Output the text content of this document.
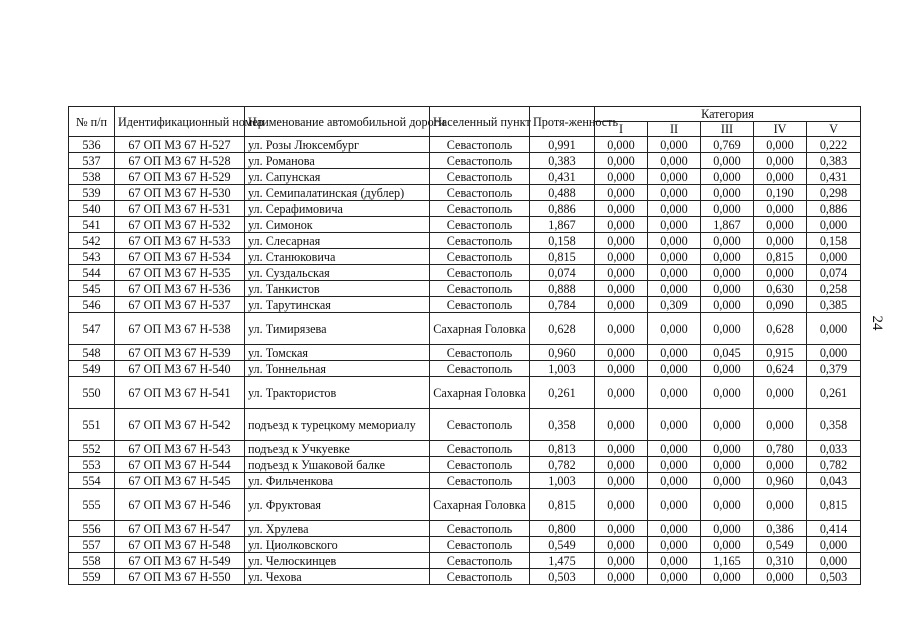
24
№ п/п	Идентификационный номер	Наименование автомобильной дороги	Населенный пункт	Протя-женность	Категория				
					I	II	III	IV	V
536	67 ОП МЗ 67 Н-527	ул. Розы Люксембург	Севастополь	0,991	0,000	0,000	0,769	0,000	0,222
537	67 ОП МЗ 67 Н-528	ул. Романова	Севастополь	0,383	0,000	0,000	0,000	0,000	0,383
538	67 ОП МЗ 67 Н-529	ул. Сапунская	Севастополь	0,431	0,000	0,000	0,000	0,000	0,431
539	67 ОП МЗ 67 Н-530	ул. Семипалатинская (дублер)	Севастополь	0,488	0,000	0,000	0,000	0,190	0,298
540	67 ОП МЗ 67 Н-531	ул. Серафимовича	Севастополь	0,886	0,000	0,000	0,000	0,000	0,886
541	67 ОП МЗ 67 Н-532	ул. Симонок	Севастополь	1,867	0,000	0,000	1,867	0,000	0,000
542	67 ОП МЗ 67 Н-533	ул. Слесарная	Севастополь	0,158	0,000	0,000	0,000	0,000	0,158
543	67 ОП МЗ 67 Н-534	ул. Станюковича	Севастополь	0,815	0,000	0,000	0,000	0,815	0,000
544	67 ОП МЗ 67 Н-535	ул. Суздальская	Севастополь	0,074	0,000	0,000	0,000	0,000	0,074
545	67 ОП МЗ 67 Н-536	ул. Танкистов	Севастополь	0,888	0,000	0,000	0,000	0,630	0,258
546	67 ОП МЗ 67 Н-537	ул. Тарутинская	Севастополь	0,784	0,000	0,309	0,000	0,090	0,385
547	67 ОП МЗ 67 Н-538	ул. Тимирязева	Сахарная Головка	0,628	0,000	0,000	0,000	0,628	0,000
548	67 ОП МЗ 67 Н-539	ул. Томская	Севастополь	0,960	0,000	0,000	0,045	0,915	0,000
549	67 ОП МЗ 67 Н-540	ул. Тоннельная	Севастополь	1,003	0,000	0,000	0,000	0,624	0,379
550	67 ОП МЗ 67 Н-541	ул. Трактористов	Сахарная Головка	0,261	0,000	0,000	0,000	0,000	0,261
551	67 ОП МЗ 67 Н-542	подъезд к турецкому мемориалу	Севастополь	0,358	0,000	0,000	0,000	0,000	0,358
552	67 ОП МЗ 67 Н-543	подъезд к Учкуевке	Севастополь	0,813	0,000	0,000	0,000	0,780	0,033
553	67 ОП МЗ 67 Н-544	подъезд к Ушаковой балке	Севастополь	0,782	0,000	0,000	0,000	0,000	0,782
554	67 ОП МЗ 67 Н-545	ул. Фильченкова	Севастополь	1,003	0,000	0,000	0,000	0,960	0,043
555	67 ОП МЗ 67 Н-546	ул. Фруктовая	Сахарная Головка	0,815	0,000	0,000	0,000	0,000	0,815
556	67 ОП МЗ 67 Н-547	ул. Хрулева	Севастополь	0,800	0,000	0,000	0,000	0,386	0,414
557	67 ОП МЗ 67 Н-548	ул. Циолковского	Севастополь	0,549	0,000	0,000	0,000	0,549	0,000
558	67 ОП МЗ 67 Н-549	ул. Челюскинцев	Севастополь	1,475	0,000	0,000	1,165	0,310	0,000
559	67 ОП МЗ 67 Н-550	ул. Чехова	Севастополь	0,503	0,000	0,000	0,000	0,000	0,503
